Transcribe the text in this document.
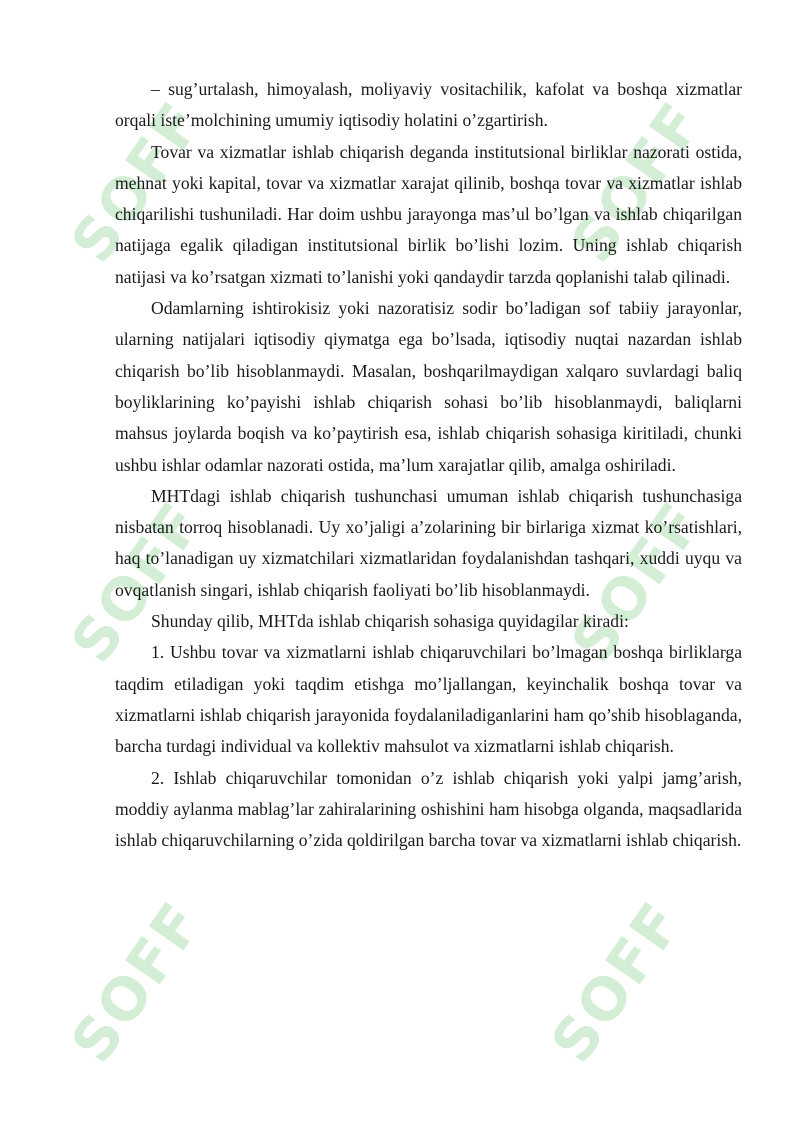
SOFF	SOFF
SOFF	SOFF
SOFF	SOFF

– sug’urtalash, himoyalash, moliyaviy vositachilik, kafolat va boshqa xizmatlar orqali iste’molchining umumiy iqtisodiy holatini o’zgartirish.

Tovar va xizmatlar ishlab chiqarish deganda institutsional birliklar nazorati ostida, mehnat yoki kapital, tovar va xizmatlar xarajat qilinib, boshqa tovar va xizmatlar ishlab chiqarilishi tushuniladi. Har doim ushbu jarayonga mas’ul bo’lgan va ishlab chiqarilgan natijaga egalik qiladigan institutsional birlik bo’lishi lozim. Uning ishlab chiqarish natijasi va ko’rsatgan xizmati to’lanishi yoki qandaydir tarzda qoplanishi talab qilinadi.

Odamlarning ishtirokisiz yoki nazoratisiz sodir bo’ladigan sof tabiiy jarayonlar, ularning natijalari iqtisodiy qiymatga ega bo’lsada, iqtisodiy nuqtai nazardan ishlab chiqarish bo’lib hisoblanmaydi. Masalan, boshqarilmaydigan xalqaro suvlardagi baliq boyliklarining ko’payishi ishlab chiqarish sohasi bo’lib hisoblanmaydi, baliqlarni mahsus joylarda boqish va ko’paytirish esa, ishlab chiqarish sohasiga kiritiladi, chunki ushbu ishlar odamlar nazorati ostida, ma’lum xarajatlar qilib, amalga oshiriladi.

MHTdagi ishlab chiqarish tushunchasi umuman ishlab chiqarish tushunchasiga nisbatan torroq hisoblanadi. Uy xo’jaligi a’zolarining bir birlariga xizmat ko’rsatishlari, haq to’lanadigan uy xizmatchilari xizmatlaridan foydalanishdan tashqari, xuddi uyqu va ovqatlanish singari, ishlab chiqarish faoliyati bo’lib hisoblanmaydi.

Shunday qilib, MHTda ishlab chiqarish sohasiga quyidagilar kiradi:

1. Ushbu tovar va xizmatlarni ishlab chiqaruvchilari bo’lmagan boshqa birliklarga taqdim etiladigan yoki taqdim etishga mo’ljallangan, keyinchalik boshqa tovar va xizmatlarni ishlab chiqarish jarayonida foydalaniladiganlarini ham qo’shib hisoblaganda, barcha turdagi individual va kollektiv mahsulot va xizmatlarni ishlab chiqarish.

2. Ishlab chiqaruvchilar tomonidan o’z ishlab chiqarish yoki yalpi jamg’arish, moddiy aylanma mablag’lar zahiralarining oshishini ham hisobga olganda, maqsadlarida ishlab chiqaruvchilarning o’zida qoldirilgan barcha tovar va xizmatlarni ishlab chiqarish.
